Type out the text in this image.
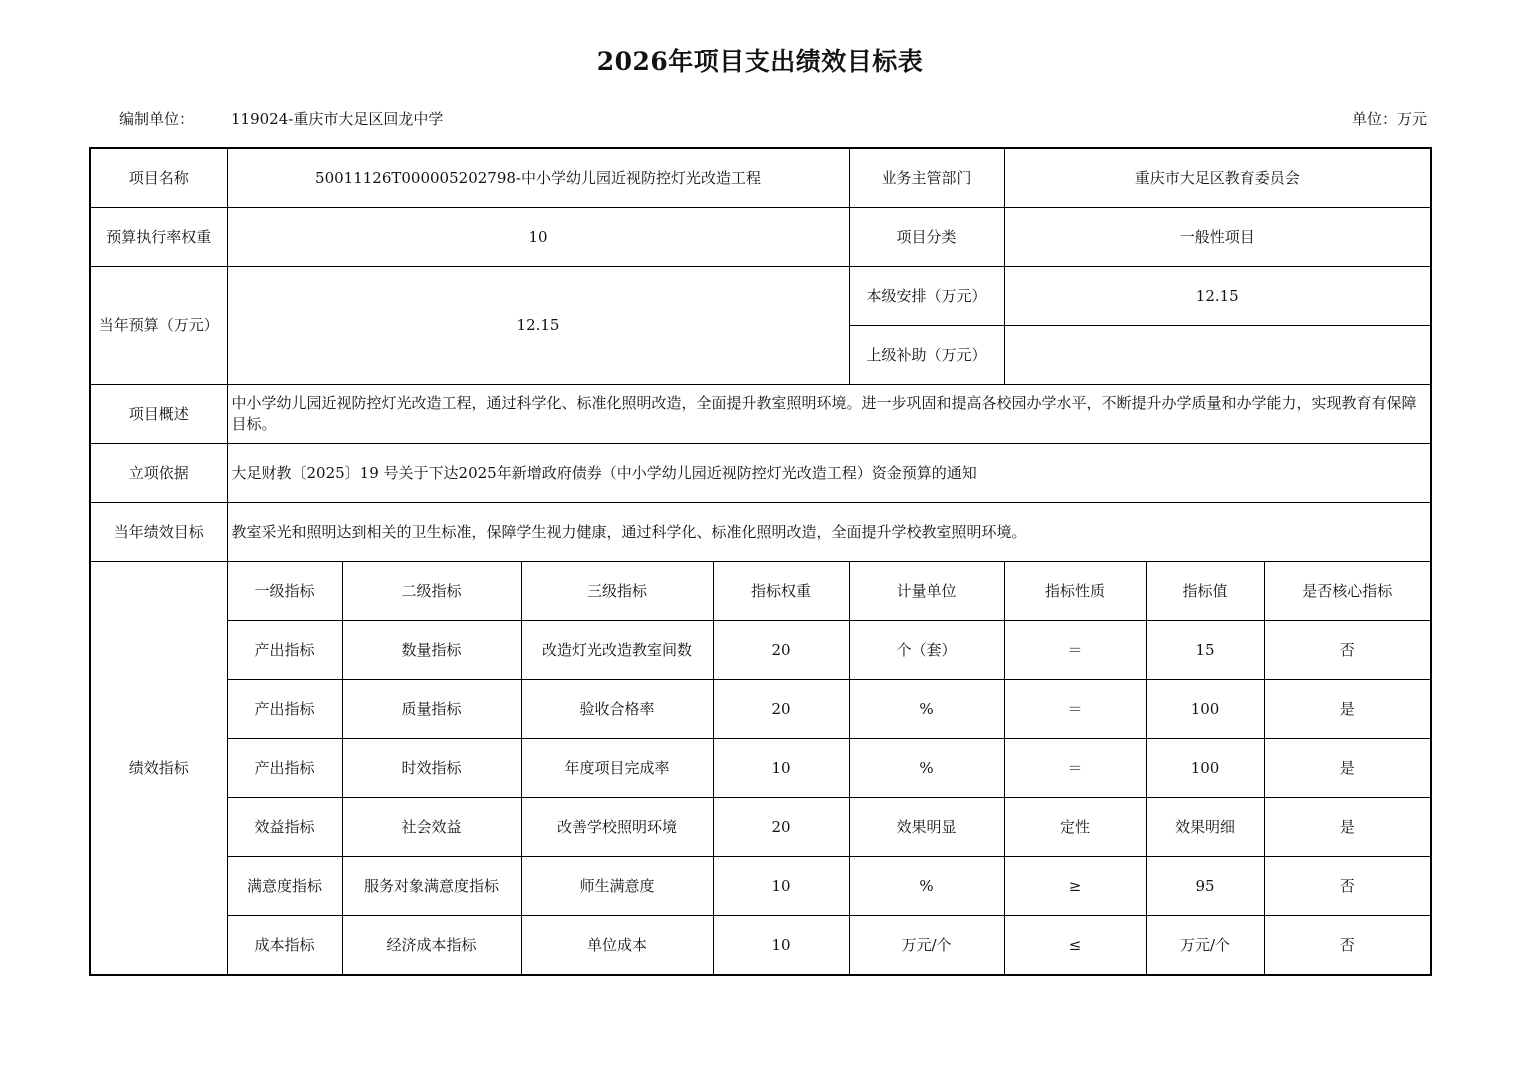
2026年项目支出绩效目标表
编制单位： 119024-重庆市大足区回龙中学	单位：万元
项目名称	50011126T000005202798-中小学幼儿园近视防控灯光改造工程				业务主管部门	重庆市大足区教育委员会		
预算执行率权重	10				项目分类	一般性项目		
当年预算（万元）	12.15				本级安排（万元）	12.15		
					上级补助（万元）			
项目概述	中小学幼儿园近视防控灯光改造工程，通过科学化、标准化照明改造，全面提升教室照明环境。进一步巩固和提高各校园办学水平，不断提升办学质量和办学能力，实现教育有保障目标。							
立项依据	大足财教〔2025〕19 号关于下达2025年新增政府债券（中小学幼儿园近视防控灯光改造工程）资金预算的通知							
当年绩效目标	教室采光和照明达到相关的卫生标准，保障学生视力健康，通过科学化、标准化照明改造，全面提升学校教室照明环境。							
绩效指标	一级指标	二级指标	三级指标	指标权重	计量单位	指标性质	指标值	是否核心指标
	产出指标	数量指标	改造灯光改造教室间数	20	个（套）	＝	15	否
	产出指标	质量指标	验收合格率	20	%	＝	100	是
	产出指标	时效指标	年度项目完成率	10	%	＝	100	是
	效益指标	社会效益	改善学校照明环境	20	效果明显	定性	效果明细	是
	满意度指标	服务对象满意度指标	师生满意度	10	%	≥	95	否
	成本指标	经济成本指标	单位成本	10	万元/个	≤	万元/个	否
